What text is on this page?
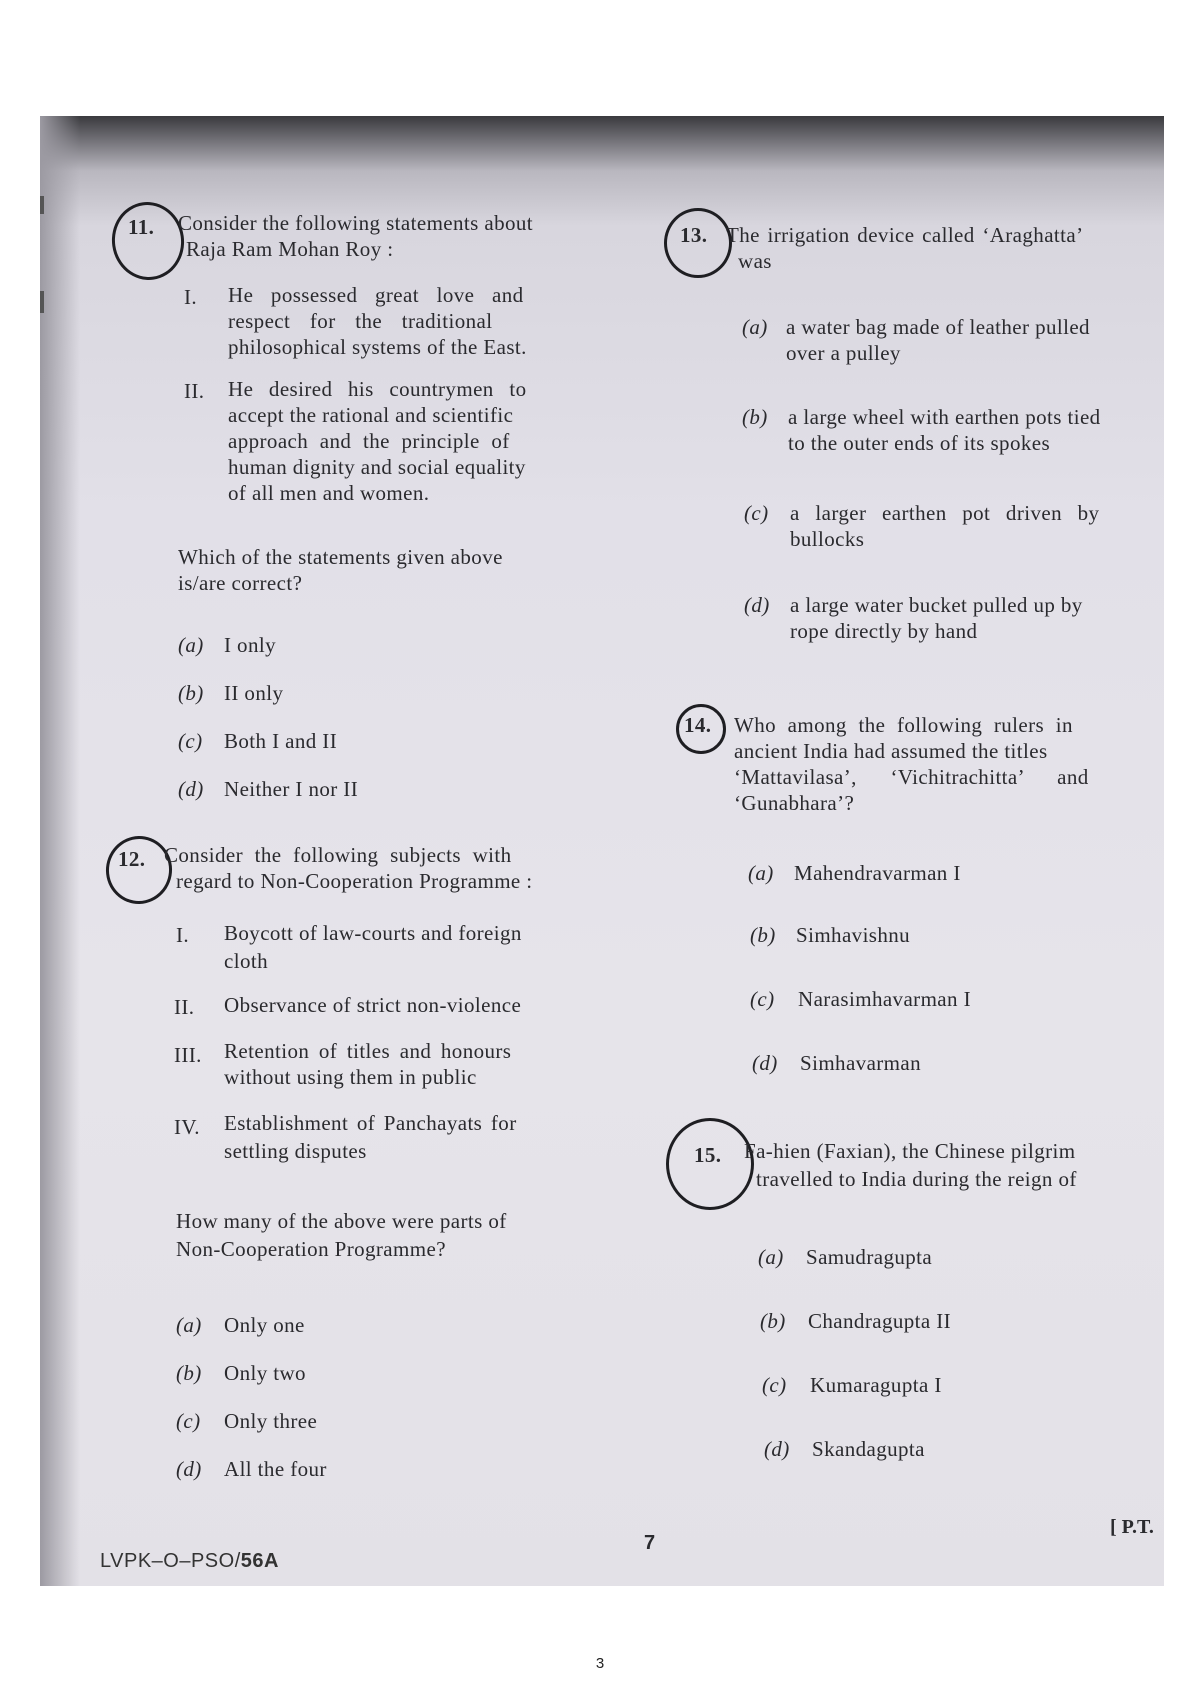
11. Consider the following statements about
Raja Ram Mohan Roy :
I. He possessed great love and
respect for the traditional
philosophical systems of the East.
II. He desired his countrymen to
accept the rational and scientific
approach and the principle of
human dignity and social equality
of all men and women.
Which of the statements given above
is/are correct?
(a) I only
(b) II only
(c) Both I and II
(d) Neither I nor II
12. Consider the following subjects with
regard to Non-Cooperation Programme :
I. Boycott of law-courts and foreign
cloth
II. Observance of strict non-violence
III. Retention of titles and honours
without using them in public
IV. Establishment of Panchayats for
settling disputes
How many of the above were parts of
Non-Cooperation Programme?
(a) Only one
(b) Only two
(c) Only three
(d) All the four
13. The irrigation device called ‘Araghatta’
was
(a) a water bag made of leather pulled
over a pulley
(b) a large wheel with earthen pots tied
to the outer ends of its spokes
(c) a larger earthen pot driven by
bullocks
(d) a large water bucket pulled up by
rope directly by hand
14. Who among the following rulers in
ancient India had assumed the titles
‘Mattavilasa’, ‘Vichitrachitta’ and
‘Gunabhara’?
(a) Mahendravarman I
(b) Simhavishnu
(c) Narasimhavarman I
(d) Simhavarman
15. Fa-hien (Faxian), the Chinese pilgrim
travelled to India during the reign of
(a) Samudragupta
(b) Chandragupta II
(c) Kumaragupta I
(d) Skandagupta
LVPK–O–PSO/56A
7
[ P.T.
3
